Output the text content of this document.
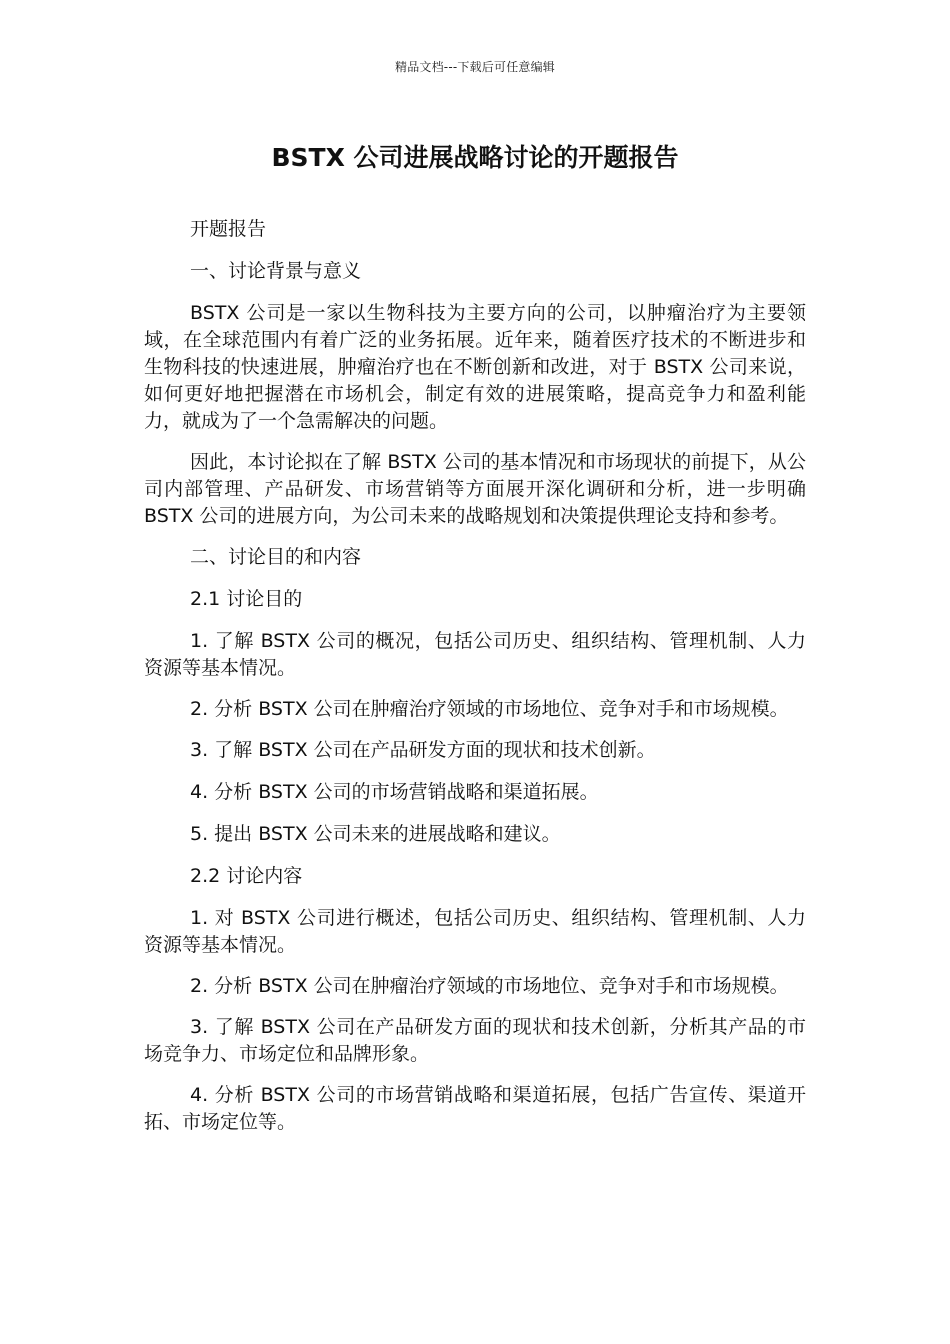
精品文档---下载后可任意编辑
BSTX 公司进展战略讨论的开题报告

开题报告

一、讨论背景与意义

BSTX 公司是一家以生物科技为主要方向的公司，以肿瘤治疗为主要领域，在全球范围内有着广泛的业务拓展。近年来，随着医疗技术的不断进步和生物科技的快速进展，肿瘤治疗也在不断创新和改进，对于 BSTX 公司来说，如何更好地把握潜在市场机会，制定有效的进展策略，提高竞争力和盈利能力，就成为了一个急需解决的问题。

因此，本讨论拟在了解 BSTX 公司的基本情况和市场现状的前提下，从公司内部管理、产品研发、市场营销等方面展开深化调研和分析，进一步明确 BSTX 公司的进展方向，为公司未来的战略规划和决策提供理论支持和参考。

二、讨论目的和内容

2.1 讨论目的

1. 了解 BSTX 公司的概况，包括公司历史、组织结构、管理机制、人力资源等基本情况。

2. 分析 BSTX 公司在肿瘤治疗领域的市场地位、竞争对手和市场规模。

3. 了解 BSTX 公司在产品研发方面的现状和技术创新。

4. 分析 BSTX 公司的市场营销战略和渠道拓展。

5. 提出 BSTX 公司未来的进展战略和建议。

2.2 讨论内容

1. 对 BSTX 公司进行概述，包括公司历史、组织结构、管理机制、人力资源等基本情况。

2. 分析 BSTX 公司在肿瘤治疗领域的市场地位、竞争对手和市场规模。

3. 了解 BSTX 公司在产品研发方面的现状和技术创新，分析其产品的市场竞争力、市场定位和品牌形象。

4. 分析 BSTX 公司的市场营销战略和渠道拓展，包括广告宣传、渠道开拓、市场定位等。
